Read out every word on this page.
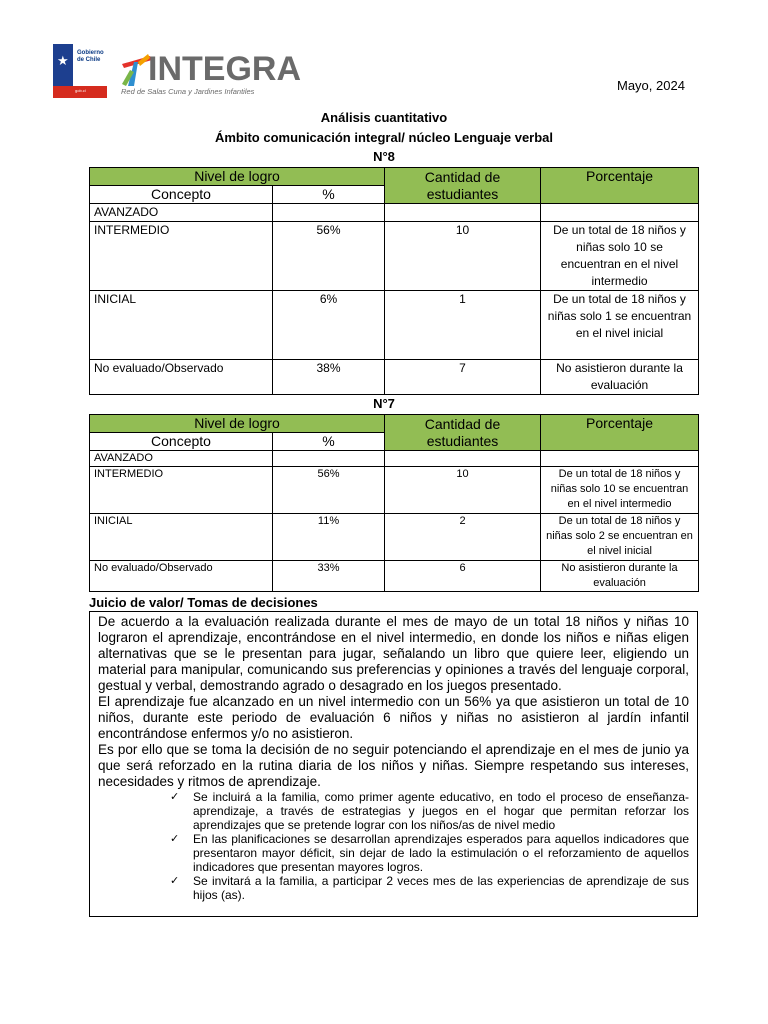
★ Gobierno de Chile
gob.cl
INTEGRA
Red de Salas Cuna y Jardines Infantiles	Mayo, 2024
Análisis cuantitativo
Ámbito comunicación integral/ núcleo Lenguaje verbal
N°8
Nivel de logro		Cantidad de estudiantes	Porcentaje
Concepto	%		
AVANZADO			
INTERMEDIO	56%	10	De un total de 18 niños y niñas solo 10 se encuentran en el nivel intermedio
INICIAL	6%	1	De un total de 18 niños y niñas solo 1 se encuentran en el nivel inicial
No evaluado/Observado	38%	7	No asistieron durante la evaluación
N°7
Nivel de logro		Cantidad de estudiantes	Porcentaje
Concepto	%		
AVANZADO			
INTERMEDIO	56%	10	De un total de 18 niños y niñas solo 10 se encuentran en el nivel intermedio
INICIAL	11%	2	De un total de 18 niños y niñas solo 2 se encuentran en el nivel inicial
No evaluado/Observado	33%	6	No asistieron durante la evaluación
Juicio de valor/ Tomas de decisiones

De acuerdo a la evaluación realizada durante el mes de mayo de un total 18 niños y niñas 10 lograron el aprendizaje, encontrándose en el nivel intermedio, en donde los niños e niñas eligen alternativas que se le presentan para jugar, señalando un libro que quiere leer, eligiendo un material para manipular, comunicando sus preferencias y opiniones a través del lenguaje corporal, gestual y verbal, demostrando agrado o desagrado en los juegos presentado.

El aprendizaje fue alcanzado en un nivel intermedio con un 56% ya que asistieron un total de 10 niños, durante este periodo de evaluación 6 niños y niñas no asistieron al jardín infantil encontrándose enfermos y/o no asistieron.

Es por ello que se toma la decisión de no seguir potenciando el aprendizaje en el mes de junio ya que será reforzado en la rutina diaria de los niños y niñas. Siempre respetando sus intereses, necesidades y ritmos de aprendizaje.

✓ Se incluirá a la familia, como primer agente educativo, en todo el proceso de enseñanza-aprendizaje, a través de estrategias y juegos en el hogar que permitan reforzar los aprendizajes que se pretende lograr con los niños/as de nivel medio
✓ En las planificaciones se desarrollan aprendizajes esperados para aquellos indicadores que presentaron mayor déficit, sin dejar de lado la estimulación o el reforzamiento de aquellos indicadores que presentan mayores logros.
✓ Se invitará a la familia, a participar 2 veces mes de las experiencias de aprendizaje de sus hijos (as).
